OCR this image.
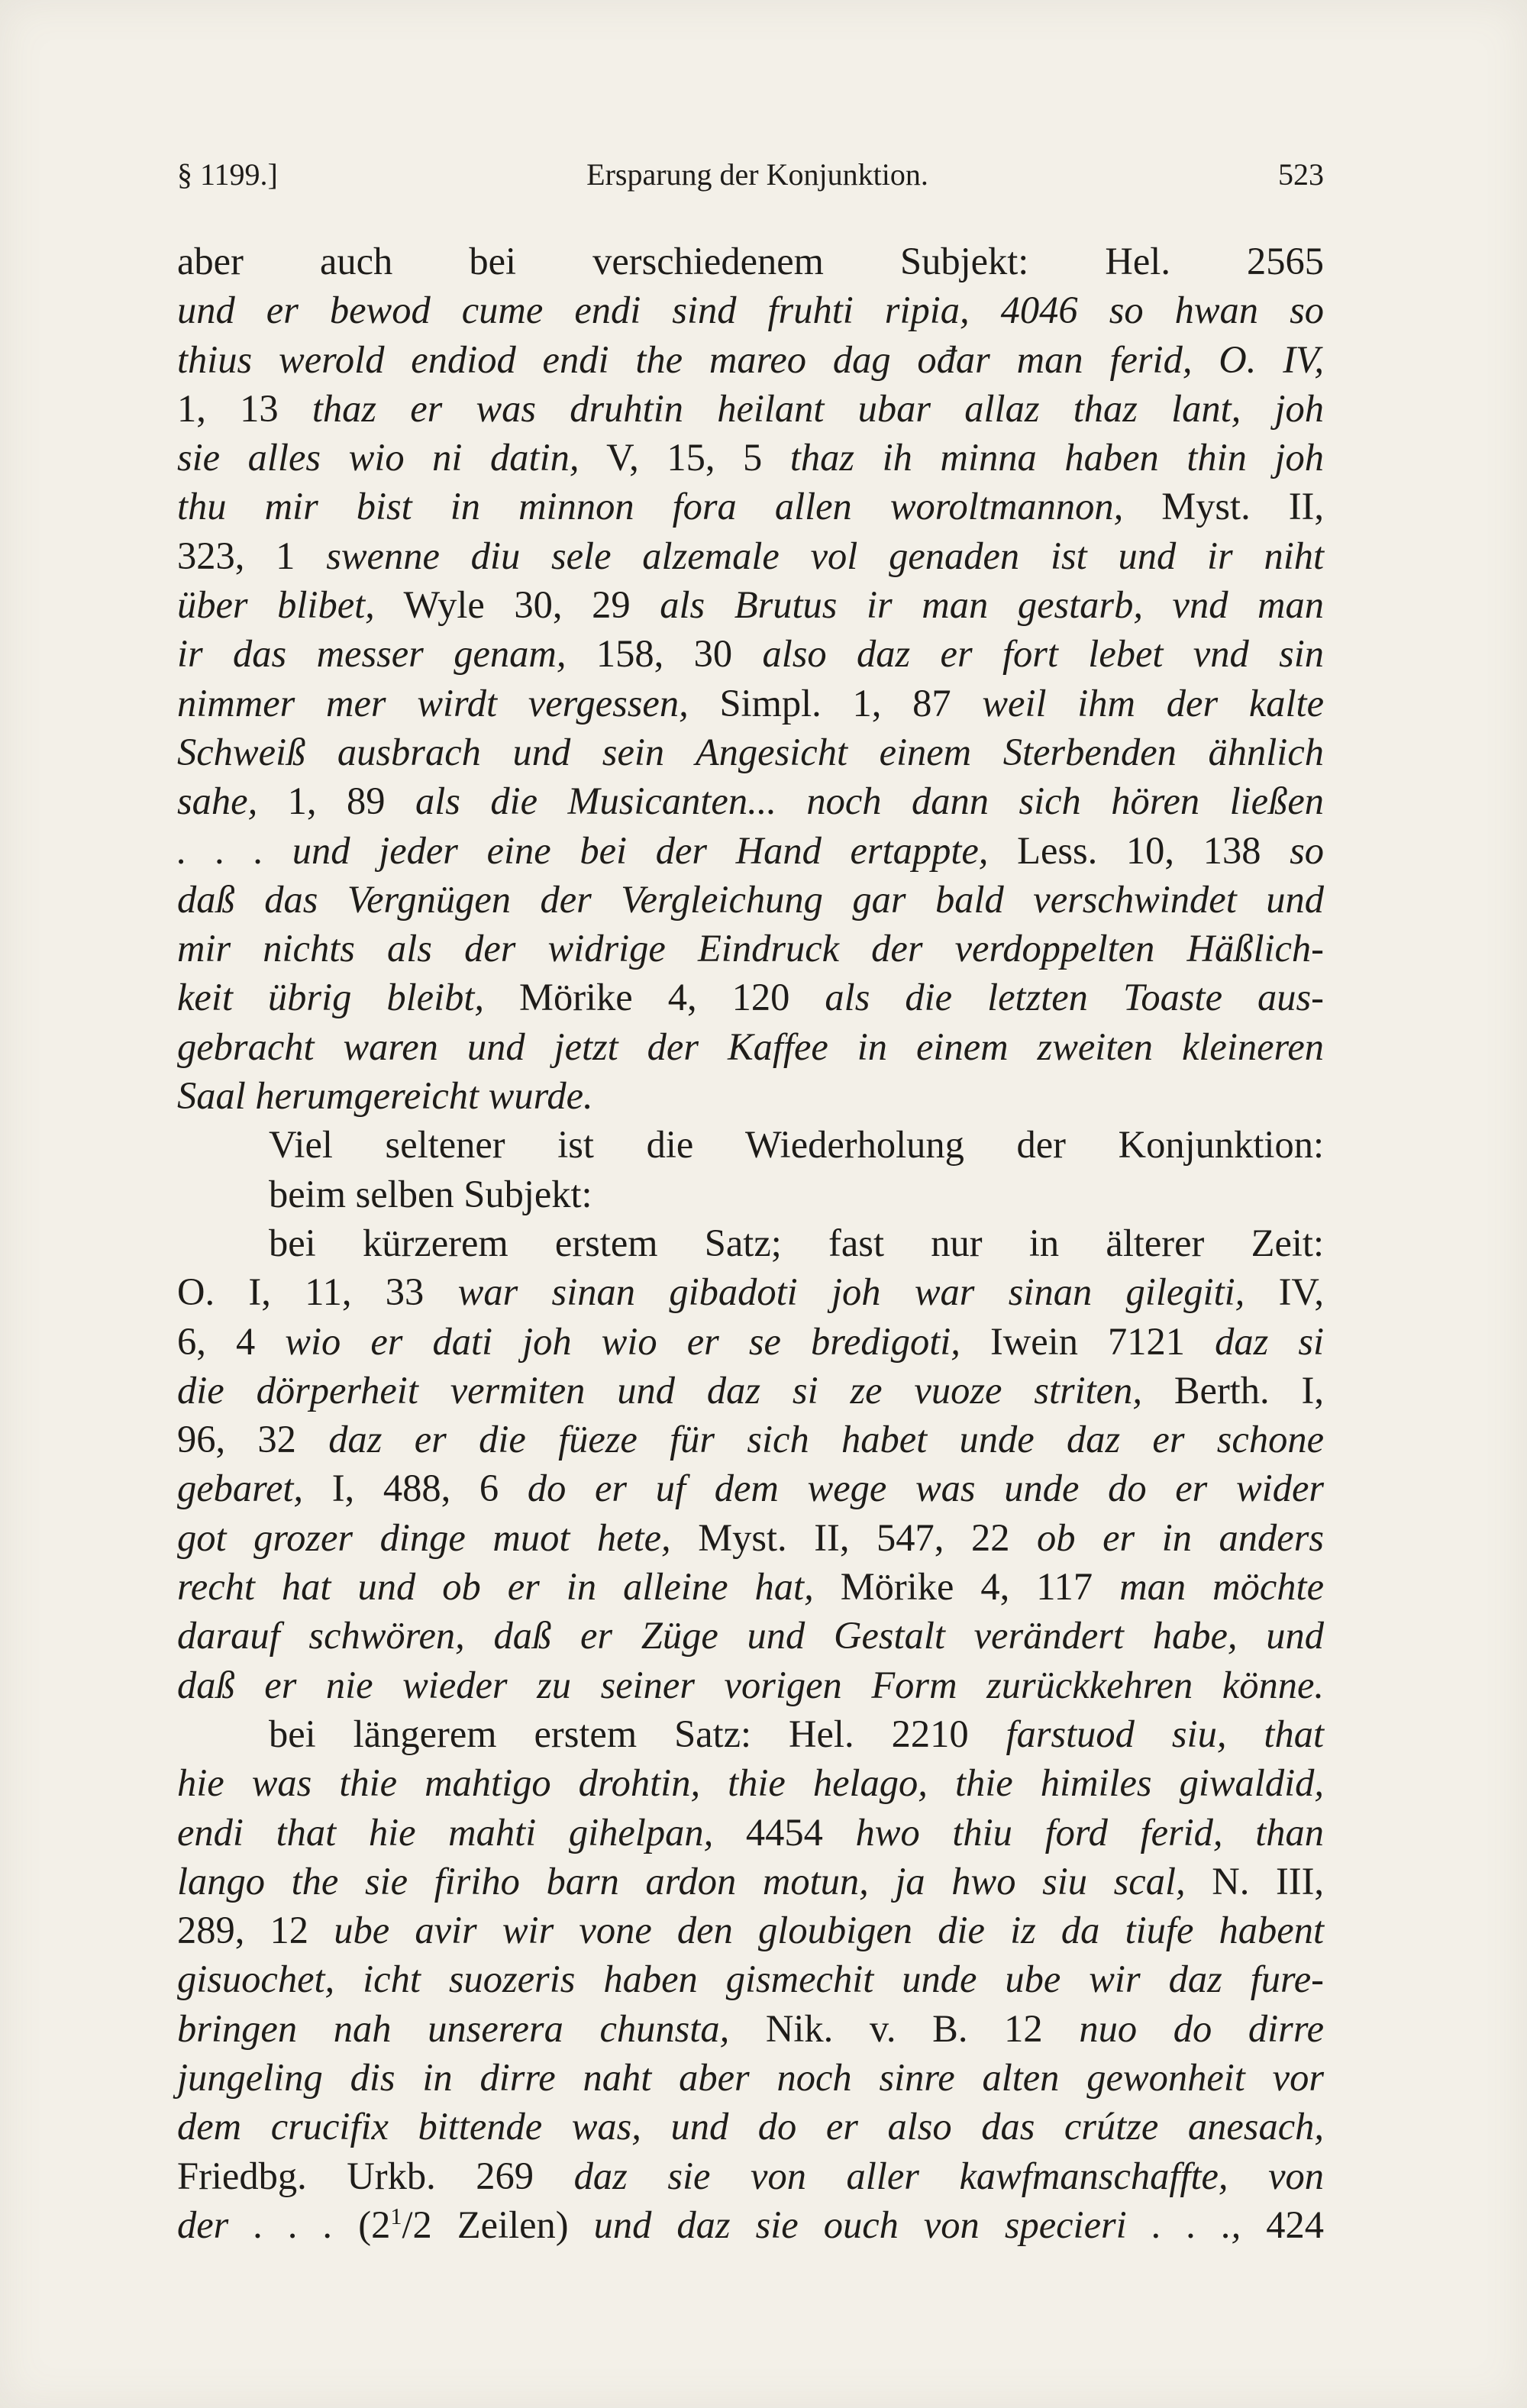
§ 1199.]	Ersparung der Konjunktion.	523
aber auch bei verschiedenem Subjekt: Hel. 2565
und er bewod cume endi sind fruhti ripia, 4046 so hwan so
thius werold endiod endi the mareo dag ođar man ferid, O. IV,
1, 13 thaz er was druhtin heilant ubar allaz thaz lant, joh
sie alles wio ni datin, V, 15, 5 thaz ih minna haben thin joh
thu mir bist in minnon fora allen woroltmannon, Myst. II,
323, 1 swenne diu sele alzemale vol genaden ist und ir niht
über blibet, Wyle 30, 29 als Brutus ir man gestarb, vnd man
ir das messer genam, 158, 30 also daz er fort lebet vnd sin
nimmer mer wirdt vergessen, Simpl. 1, 87 weil ihm der kalte
Schweiß ausbrach und sein Angesicht einem Sterbenden ähnlich
sahe, 1, 89 als die Musicanten... noch dann sich hören ließen
. . . und jeder eine bei der Hand ertappte, Less. 10, 138 so
daß das Vergnügen der Vergleichung gar bald verschwindet und
mir nichts als der widrige Eindruck der verdoppelten Häßlich-
keit übrig bleibt, Mörike 4, 120 als die letzten Toaste aus-
gebracht waren und jetzt der Kaffee in einem zweiten kleineren
Saal herumgereicht wurde.
Viel seltener ist die Wiederholung der Konjunktion:
beim selben Subjekt:
bei kürzerem erstem Satz; fast nur in älterer Zeit:
O. I, 11, 33 war sinan gibadoti joh war sinan gilegiti, IV,
6, 4 wio er dati joh wio er se bredigoti, Iwein 7121 daz si
die dörperheit vermiten und daz si ze vuoze striten, Berth. I,
96, 32 daz er die füeze für sich habet unde daz er schone
gebaret, I, 488, 6 do er uf dem wege was unde do er wider
got grozer dinge muot hete, Myst. II, 547, 22 ob er in anders
recht hat und ob er in alleine hat, Mörike 4, 117 man möchte
darauf schwören, daß er Züge und Gestalt verändert habe, und
daß er nie wieder zu seiner vorigen Form zurückkehren könne.
bei längerem erstem Satz: Hel. 2210 farstuod siu, that
hie was thie mahtigo drohtin, thie helago, thie himiles giwaldid,
endi that hie mahti gihelpan, 4454 hwo thiu ford ferid, than
lango the sie firiho barn ardon motun, ja hwo siu scal, N. III,
289, 12 ube avir wir vone den gloubigen die iz da tiufe habent
gisuochet, icht suozeris haben gismechit unde ube wir daz fure-
bringen nah unserera chunsta, Nik. v. B. 12 nuo do dirre
jungeling dis in dirre naht aber noch sinre alten gewonheit vor
dem crucifix bittende was, und do er also das crútze anesach,
Friedbg. Urkb. 269 daz sie von aller kawfmanschaffte, von
der . . . ($2^1/2$ Zeilen) und daz sie ouch von specieri . . ., 424
